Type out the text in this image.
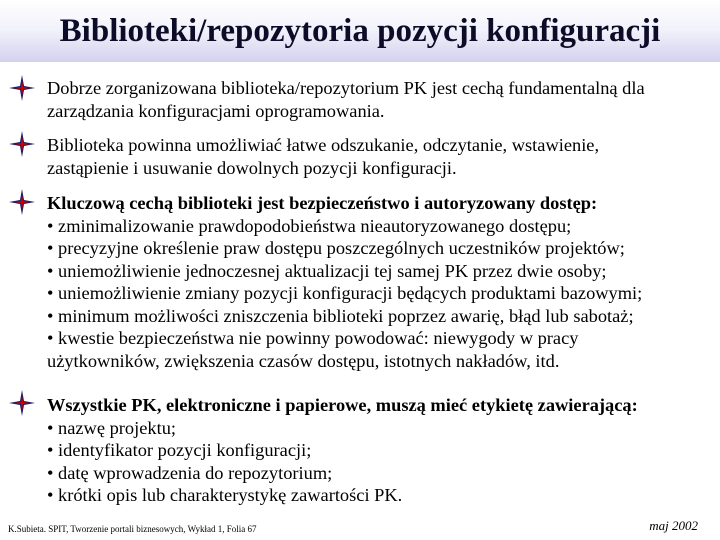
Biblioteki/repozytoria pozycji konfiguracji
Dobrze zorganizowana biblioteka/repozytorium PK jest cechą fundamentalną dla
zarządzania konfiguracjami oprogramowania.
Biblioteka powinna umożliwiać łatwe odszukanie, odczytanie, wstawienie,
zastąpienie i usuwanie dowolnych pozycji konfiguracji.
Kluczową cechą biblioteki jest bezpieczeństwo i autoryzowany dostęp:
• zminimalizowanie prawdopodobieństwa nieautoryzowanego dostępu;
• precyzyjne określenie praw dostępu poszczególnych uczestników projektów;
• uniemożliwienie jednoczesnej aktualizacji tej samej PK przez dwie osoby;
• uniemożliwienie zmiany pozycji konfiguracji będących produktami bazowymi;
• minimum możliwości zniszczenia biblioteki poprzez awarię, błąd lub sabotaż;
• kwestie bezpieczeństwa nie powinny powodować: niewygody w pracy
użytkowników, zwiększenia czasów dostępu, istotnych nakładów, itd.
Wszystkie PK, elektroniczne i papierowe, muszą mieć etykietę zawierającą:
• nazwę projektu;
• identyfikator pozycji konfiguracji;
• datę wprowadzenia do repozytorium;
• krótki opis lub charakterystykę zawartości PK.
K.Subieta. SPIT, Tworzenie portali biznesowych, Wykład 1, Folia 67	maj 2002
